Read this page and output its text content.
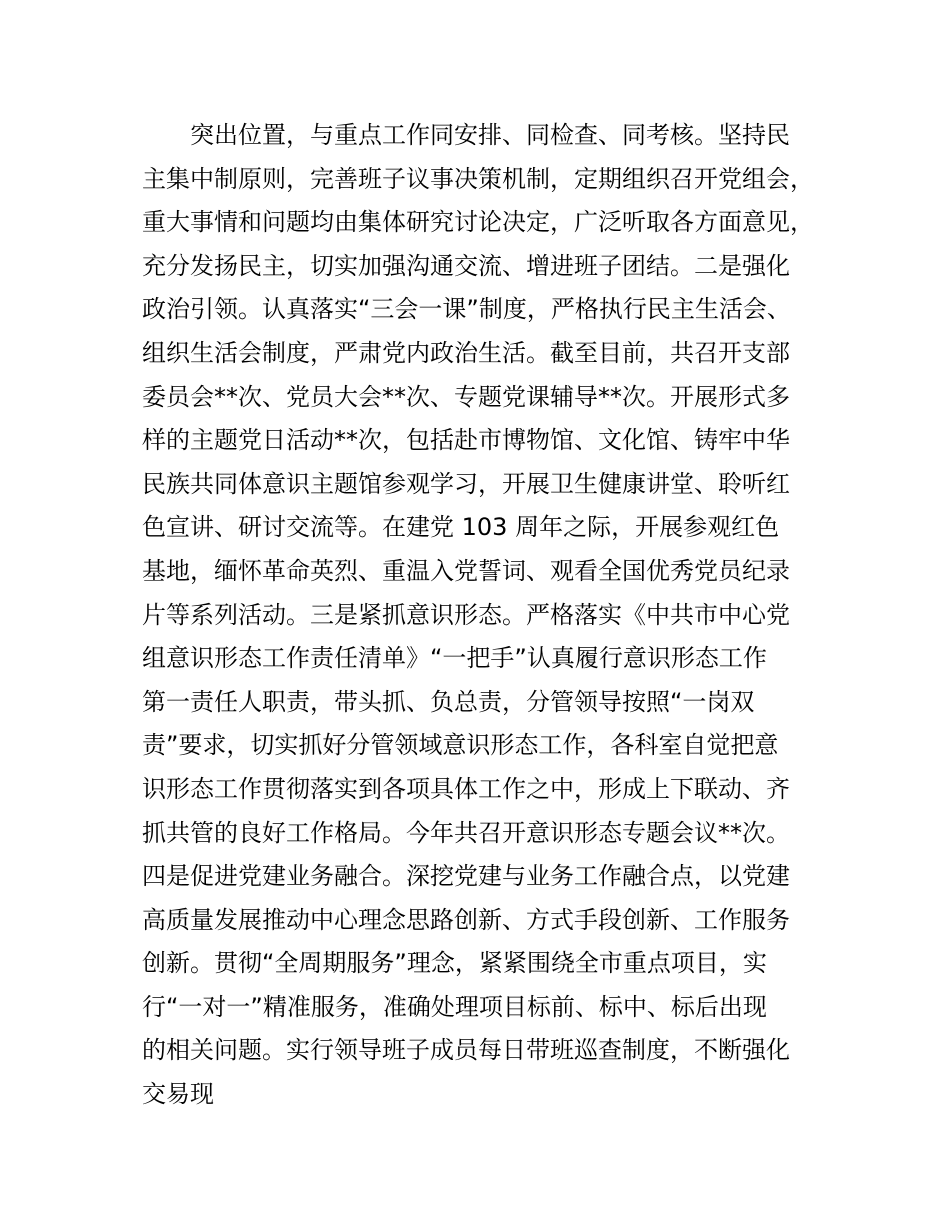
突出位置，与重点工作同安排、同检查、同考核。坚持民
主集中制原则，完善班子议事决策机制，定期组织召开党组会，
重大事情和问题均由集体研究讨论决定，广泛听取各方面意见，
充分发扬民主，切实加强沟通交流、增进班子团结。二是强化
政治引领。认真落实“三会一课”制度，严格执行民主生活会、
组织生活会制度，严肃党内政治生活。截至目前，共召开支部
委员会**次、党员大会**次、专题党课辅导**次。开展形式多
样的主题党日活动**次，包括赴市博物馆、文化馆、铸牢中华
民族共同体意识主题馆参观学习，开展卫生健康讲堂、聆听红
色宣讲、研讨交流等。在建党 103 周年之际，开展参观红色
基地，缅怀革命英烈、重温入党誓词、观看全国优秀党员纪录
片等系列活动。三是紧抓意识形态。严格落实《中共市中心党
组意识形态工作责任清单》“一把手”认真履行意识形态工作
第一责任人职责，带头抓、负总责，分管领导按照“一岗双
责”要求，切实抓好分管领域意识形态工作，各科室自觉把意
识形态工作贯彻落实到各项具体工作之中，形成上下联动、齐
抓共管的良好工作格局。今年共召开意识形态专题会议**次。
四是促进党建业务融合。深挖党建与业务工作融合点，以党建
高质量发展推动中心理念思路创新、方式手段创新、工作服务
创新。贯彻“全周期服务”理念，紧紧围绕全市重点项目，实
行“一对一”精准服务，准确处理项目标前、标中、标后出现
的相关问题。实行领导班子成员每日带班巡查制度，不断强化
交易现
